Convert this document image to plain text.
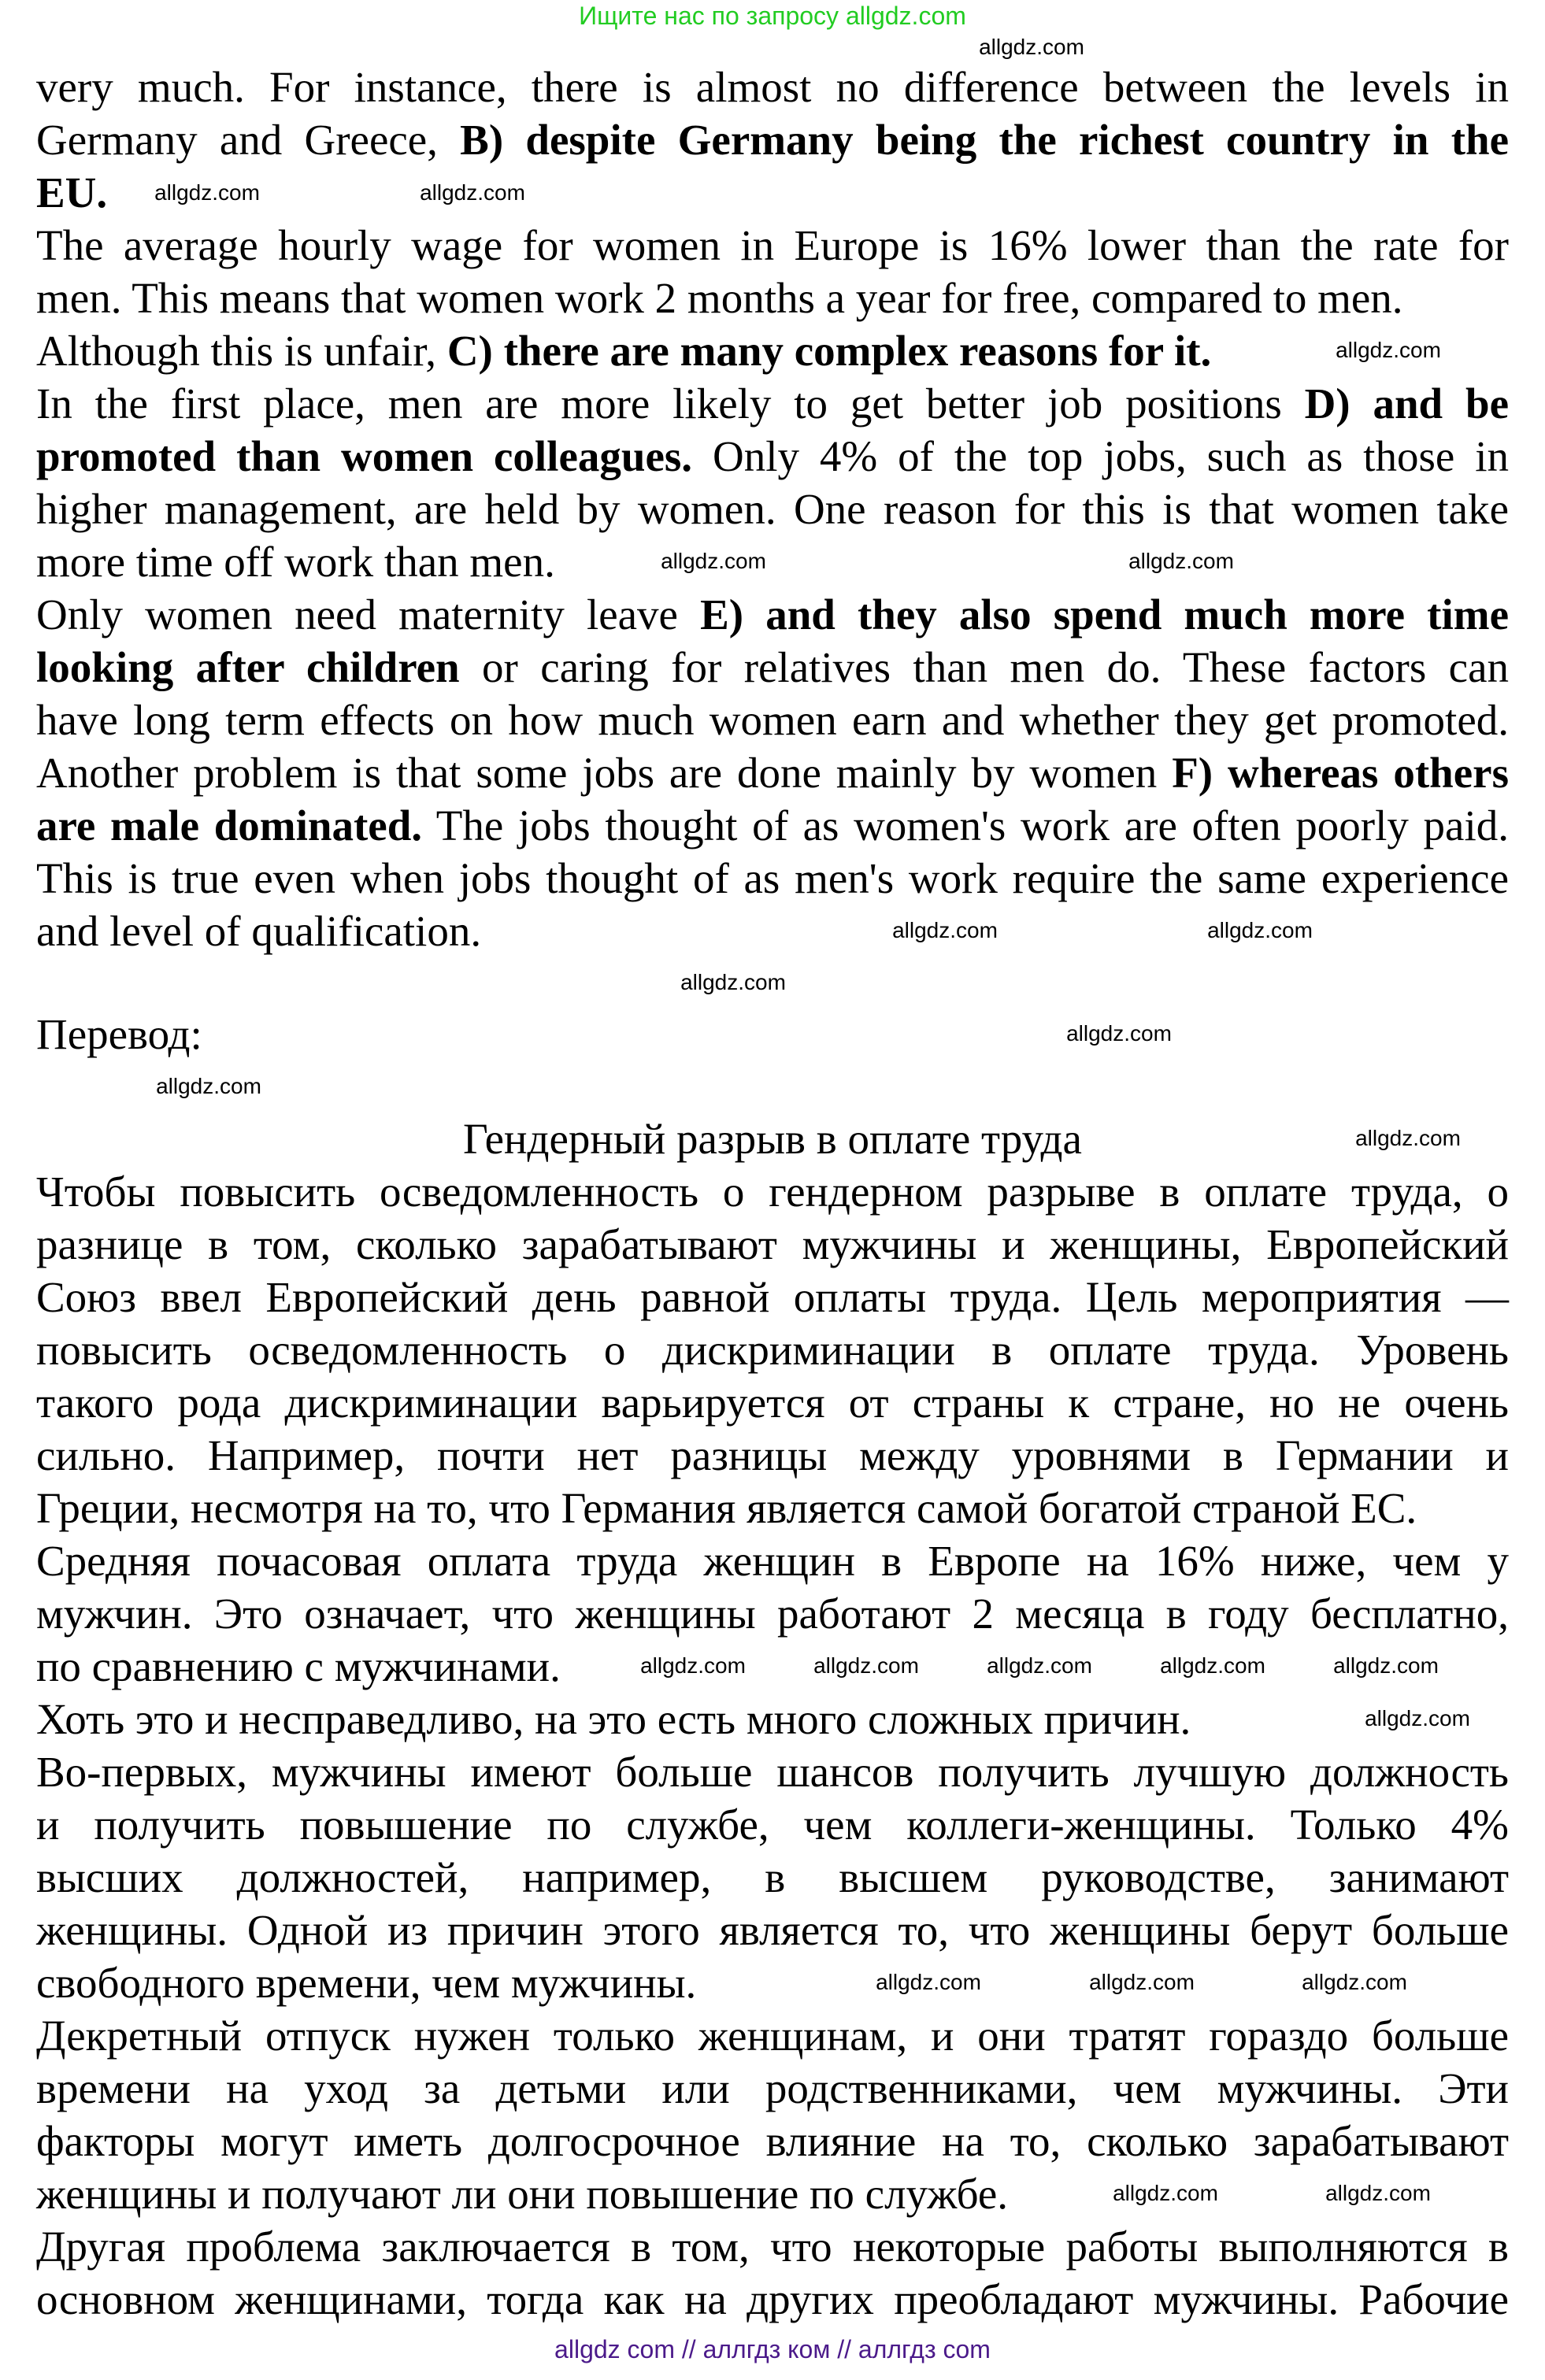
Ищите нас по запросу allgdz.com
very much. For instance, there is almost no difference between the levels in
Germany and Greece, B) despite Germany being the richest country in the
EU.
The average hourly wage for women in Europe is 16% lower than the rate for
men. This means that women work 2 months a year for free, compared to men.
Although this is unfair, C) there are many complex reasons for it.
In the first place, men are more likely to get better job positions D) and be
promoted than women colleagues. Only 4% of the top jobs, such as those in
higher management, are held by women. One reason for this is that women take
more time off work than men.
Only women need maternity leave E) and they also spend much more time
looking after children or caring for relatives than men do. These factors can
have long term effects on how much women earn and whether they get promoted.
Another problem is that some jobs are done mainly by women F) whereas others
are male dominated. The jobs thought of as women's work are often poorly paid.
This is true even when jobs thought of as men's work require the same experience
and level of qualification.
Перевод:
Гендерный разрыв в оплате труда
Чтобы повысить осведомленность о гендерном разрыве в оплате труда, о
разнице в том, сколько зарабатывают мужчины и женщины, Европейский
Союз ввел Европейский день равной оплаты труда. Цель мероприятия —
повысить осведомленность о дискриминации в оплате труда. Уровень
такого рода дискриминации варьируется от страны к стране, но не очень
сильно. Например, почти нет разницы между уровнями в Германии и
Греции, несмотря на то, что Германия является самой богатой страной ЕС.
Средняя почасовая оплата труда женщин в Европе на 16% ниже, чем у
мужчин. Это означает, что женщины работают 2 месяца в году бесплатно,
по сравнению с мужчинами.
Хоть это и несправедливо, на это есть много сложных причин.
Во-первых, мужчины имеют больше шансов получить лучшую должность
и получить повышение по службе, чем коллеги-женщины. Только 4%
высших должностей, например, в высшем руководстве, занимают
женщины. Одной из причин этого является то, что женщины берут больше
свободного времени, чем мужчины.
Декретный отпуск нужен только женщинам, и они тратят гораздо больше
времени на уход за детьми или родственниками, чем мужчины. Эти
факторы могут иметь долгосрочное влияние на то, сколько зарабатывают
женщины и получают ли они повышение по службе.
Другая проблема заключается в том, что некоторые работы выполняются в
основном женщинами, тогда как на других преобладают мужчины. Рабочие
allgdz.com
allgdz.com	allgdz.com
allgdz.com
allgdz.com	allgdz.com
allgdz.com	allgdz.com
allgdz.com
allgdz.com
allgdz.com
allgdz.com
allgdz.com	allgdz.com	allgdz.com	allgdz.com	allgdz.com
allgdz.com
allgdz.com	allgdz.com	allgdz.com
allgdz.com	allgdz.com
allgdz com // аллгдз ком // аллгдз com
